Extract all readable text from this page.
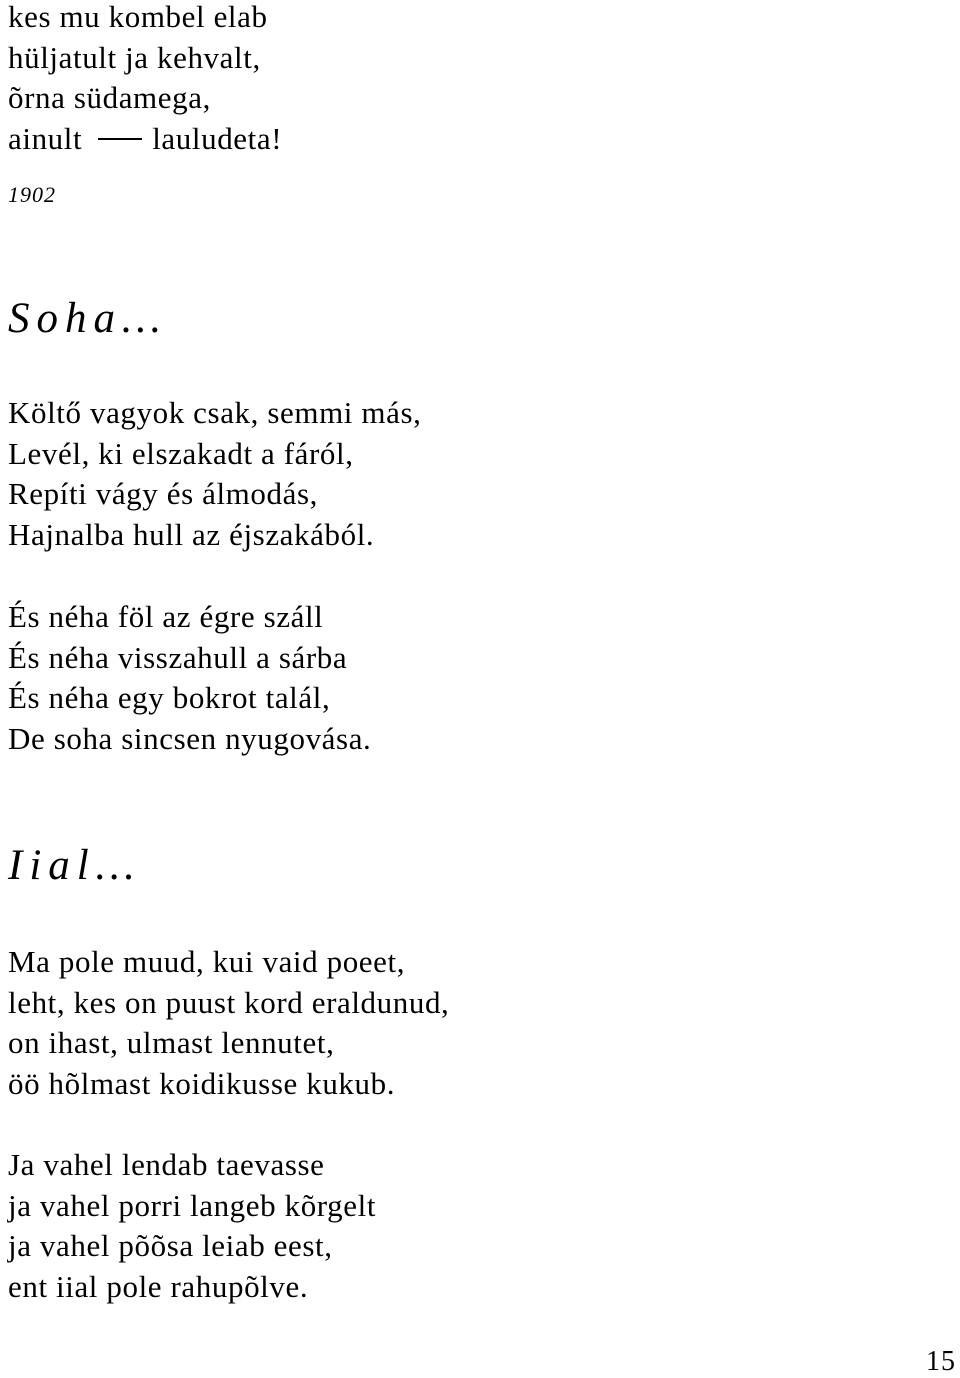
kes mu kombel elab
hüljatult ja kehvalt,
õrna südamega,
ainult lauludeta!
1902
Soha…
Költő vagyok csak, semmi más,
Levél, ki elszakadt a fáról,
Repíti vágy és álmodás,
Hajnalba hull az éjszakából.
És néha föl az égre száll
És néha visszahull a sárba
És néha egy bokrot talál,
De soha sincsen nyugovása.
Iial…
Ma pole muud, kui vaid poeet,
leht, kes on puust kord eraldunud,
on ihast, ulmast lennutet,
öö hõlmast koidikusse kukub.
Ja vahel lendab taevasse
ja vahel porri langeb kõrgelt
ja vahel põõsa leiab eest,
ent iial pole rahupõlve.
15
